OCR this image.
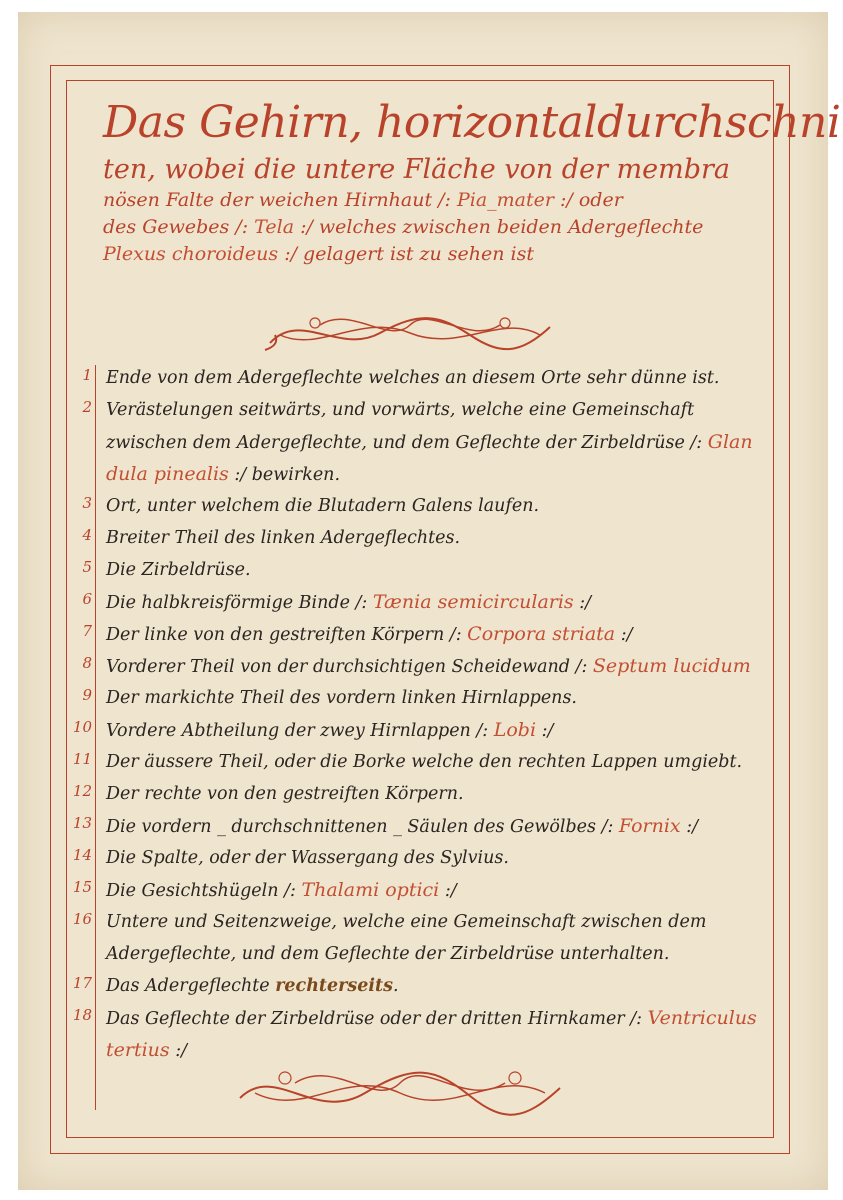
Das Gehirn, horizontaldurchschni
ten, wobei die untere Fläche von der membra
nösen Falte der weichen Hirnhaut /: Pia_mater :/ oder
des Gewebes /: Tela :/ welches zwischen beiden Adergeflechte
Plexus choroideus :/ gelagert ist zu sehen ist
1 Ende von dem Adergeflechte welches an diesem Orte sehr dünne ist.
2 Verästelungen seitwärts, und vorwärts, welche eine Gemeinschaft
zwischen dem Adergeflechte, und dem Geflechte der Zirbeldrüse /: Glan
dula pinealis :/ bewirken.
3 Ort, unter welchem die Blutadern Galens laufen.
4 Breiter Theil des linken Adergeflechtes.
5 Die Zirbeldrüse.
6 Die halbkreisförmige Binde /: Tænia semicircularis :/
7 Der linke von den gestreiften Körpern /: Corpora striata :/
8 Vorderer Theil von der durchsichtigen Scheidewand /: Septum lucidum
9 Der markichte Theil des vordern linken Hirnlappens.
10 Vordere Abtheilung der zwey Hirnlappen /: Lobi :/
11 Der äussere Theil, oder die Borke welche den rechten Lappen umgiebt.
12 Der rechte von den gestreiften Körpern.
13 Die vordern _ durchschnittenen _ Säulen des Gewölbes /: Fornix :/
14 Die Spalte, oder der Wassergang des Sylvius.
15 Die Gesichtshügeln /: Thalami optici :/
16 Untere und Seitenzweige, welche eine Gemeinschaft zwischen dem
Adergeflechte, und dem Geflechte der Zirbeldrüse unterhalten.
17 Das Adergeflechte rechterseits.
18 Das Geflechte der Zirbeldrüse oder der dritten Hirnkamer /: Ventriculus
tertius :/
